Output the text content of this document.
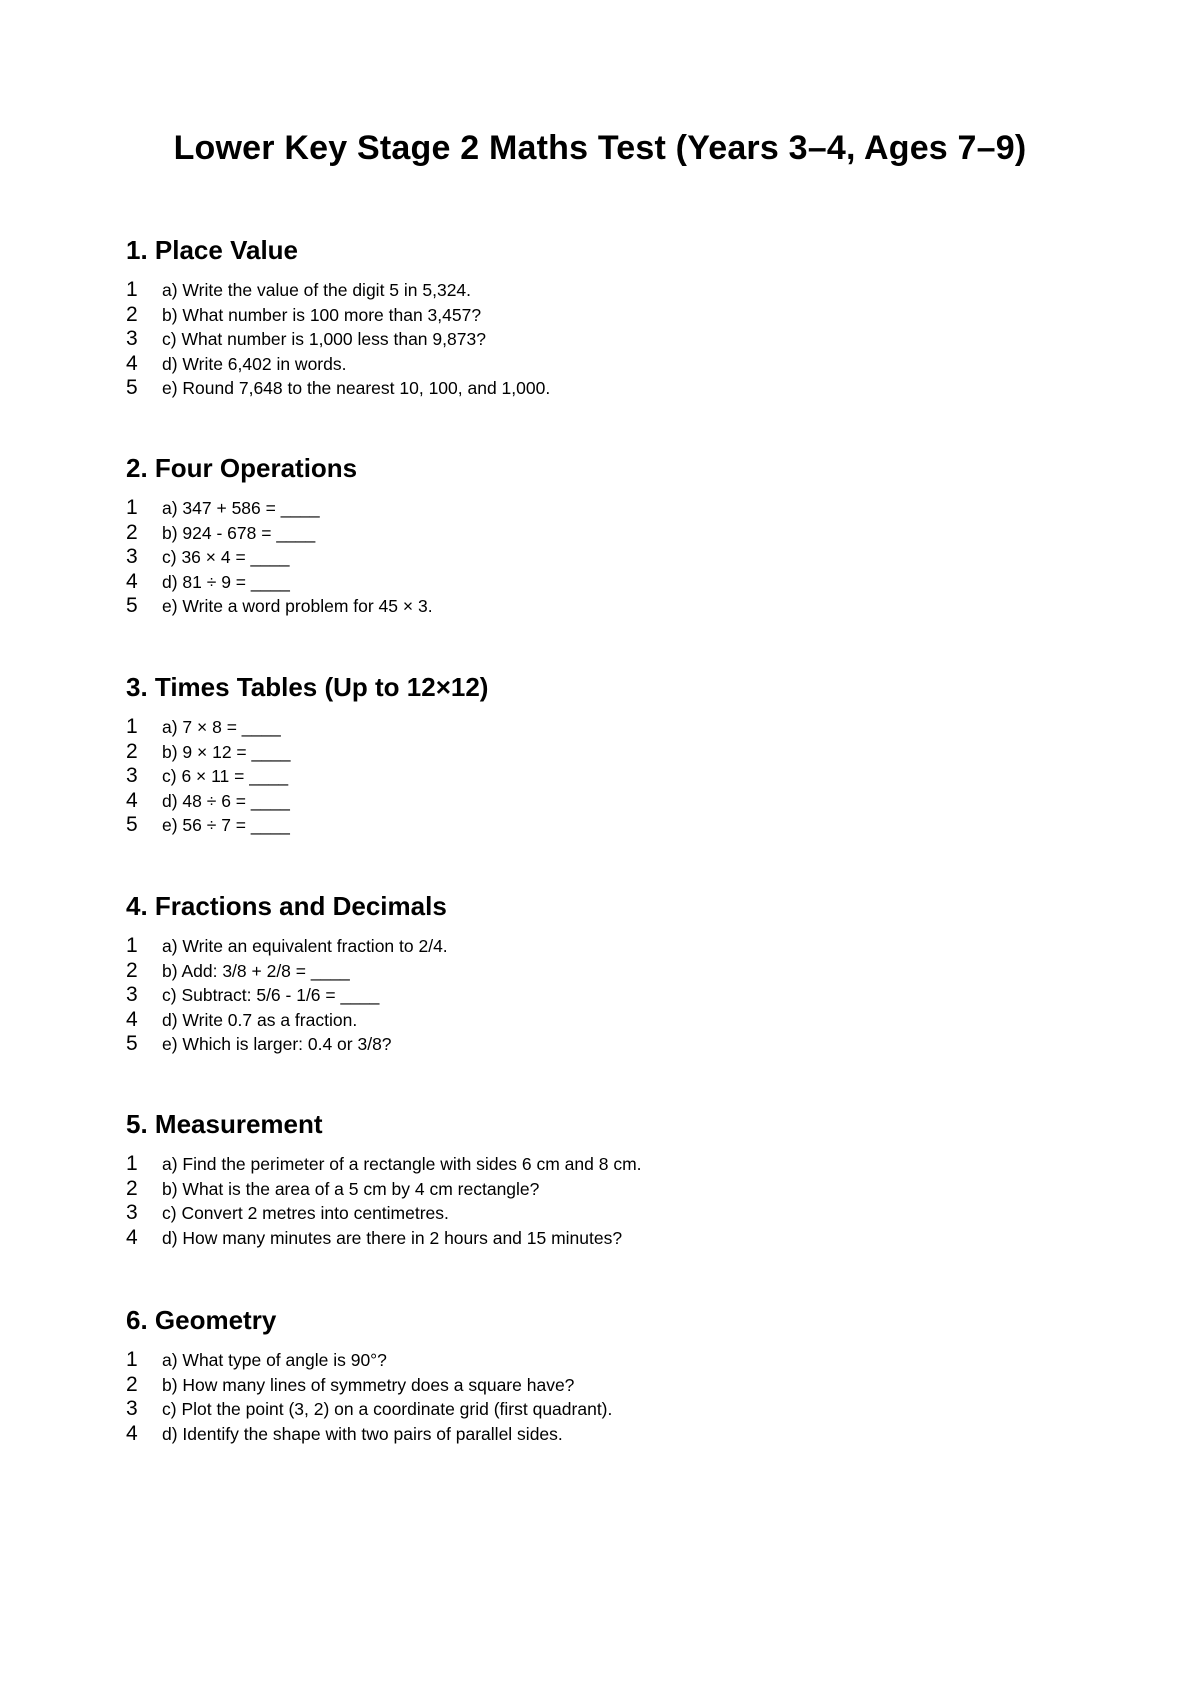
Lower Key Stage 2 Maths Test (Years 3–4, Ages 7–9)
1. Place Value
1	a) Write the value of the digit 5 in 5,324.
2	b) What number is 100 more than 3,457?
3	c) What number is 1,000 less than 9,873?
4	d) Write 6,402 in words.
5	e) Round 7,648 to the nearest 10, 100, and 1,000.
2. Four Operations
1	a) 347 + 586 = ____
2	b) 924 - 678 = ____
3	c) 36 × 4 = ____
4	d) 81 ÷ 9 = ____
5	e) Write a word problem for 45 × 3.
3. Times Tables (Up to 12×12)
1	a) 7 × 8 = ____
2	b) 9 × 12 = ____
3	c) 6 × 11 = ____
4	d) 48 ÷ 6 = ____
5	e) 56 ÷ 7 = ____
4. Fractions and Decimals
1	a) Write an equivalent fraction to 2/4.
2	b) Add: 3/8 + 2/8 = ____
3	c) Subtract: 5/6 - 1/6 = ____
4	d) Write 0.7 as a fraction.
5	e) Which is larger: 0.4 or 3/8?
5. Measurement
1	a) Find the perimeter of a rectangle with sides 6 cm and 8 cm.
2	b) What is the area of a 5 cm by 4 cm rectangle?
3	c) Convert 2 metres into centimetres.
4	d) How many minutes are there in 2 hours and 15 minutes?
6. Geometry
1	a) What type of angle is 90°?
2	b) How many lines of symmetry does a square have?
3	c) Plot the point (3, 2) on a coordinate grid (first quadrant).
4	d) Identify the shape with two pairs of parallel sides.
